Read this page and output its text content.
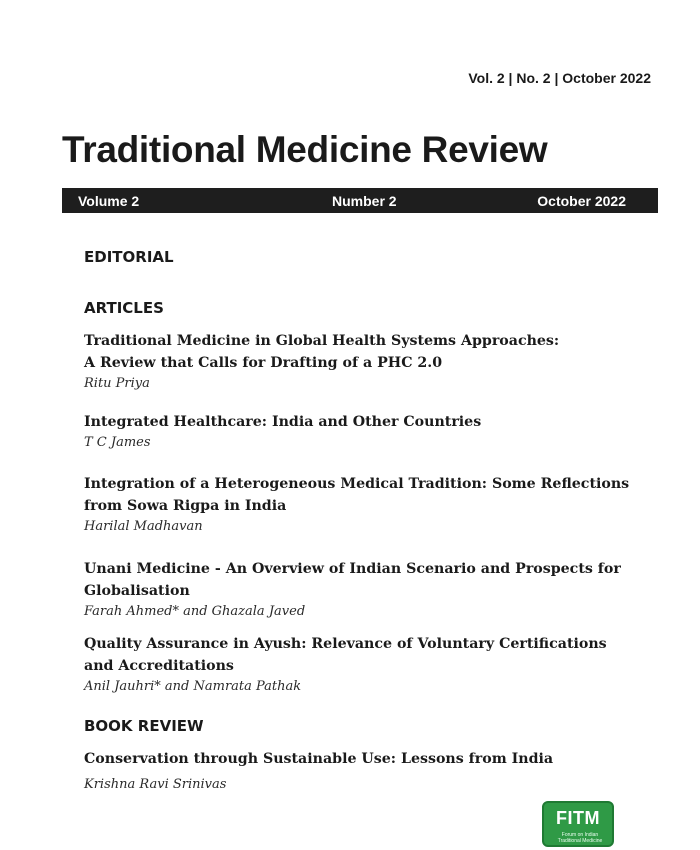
Vol. 2 | No. 2 | October 2022
Traditional Medicine Review
Volume 2	Number 2	October 2022
EDITORIAL
ARTICLES
Traditional Medicine in Global Health Systems Approaches:
A Review that Calls for Drafting of a PHC 2.0
Ritu Priya
Integrated Healthcare: India and Other Countries
T C James
Integration of a Heterogeneous Medical Tradition: Some Reflections
from Sowa Rigpa in India
Harilal Madhavan
Unani Medicine - An Overview of Indian Scenario and Prospects for
Globalisation
Farah Ahmed* and Ghazala Javed
Quality Assurance in Ayush: Relevance of Voluntary Certifications
and Accreditations
Anil Jauhri* and Namrata Pathak
BOOK REVIEW
Conservation through Sustainable Use: Lessons from India
Krishna Ravi Srinivas
FITM
Forum on Indian
Traditional Medicine
